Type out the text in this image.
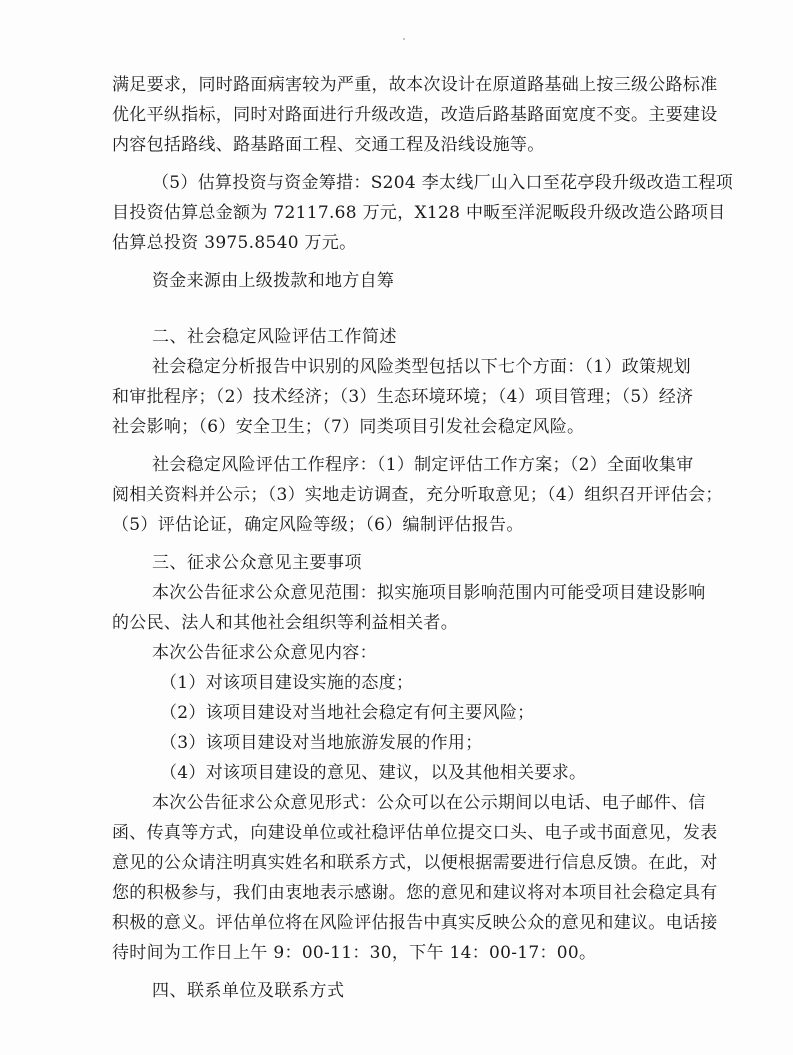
满足要求，同时路面病害较为严重，故本次设计在原道路基础上按三级公路标准
优化平纵指标，同时对路面进行升级改造，改造后路基路面宽度不变。主要建设
内容包括路线、路基路面工程、交通工程及沿线设施等。
（5）估算投资与资金筹措：S204 李太线厂山入口至花亭段升级改造工程项
目投资估算总金额为 72117.68 万元，X128 中畈至洋泥畈段升级改造公路项目
估算总投资 3975.8540 万元。
资金来源由上级拨款和地方自筹
二、社会稳定风险评估工作简述
社会稳定分析报告中识别的风险类型包括以下七个方面：（1）政策规划
和审批程序；（2）技术经济；（3）生态环境环境；（4）项目管理；（5）经济
社会影响；（6）安全卫生；（7）同类项目引发社会稳定风险。
社会稳定风险评估工作程序：（1）制定评估工作方案；（2）全面收集审
阅相关资料并公示；（3）实地走访调查，充分听取意见；（4）组织召开评估会；
（5）评估论证，确定风险等级；（6）编制评估报告。
三、征求公众意见主要事项
本次公告征求公众意见范围：拟实施项目影响范围内可能受项目建设影响
的公民、法人和其他社会组织等利益相关者。
本次公告征求公众意见内容：
（1）对该项目建设实施的态度；
（2）该项目建设对当地社会稳定有何主要风险；
（3）该项目建设对当地旅游发展的作用；
（4）对该项目建设的意见、建议，以及其他相关要求。
本次公告征求公众意见形式：公众可以在公示期间以电话、电子邮件、信
函、传真等方式，向建设单位或社稳评估单位提交口头、电子或书面意见，发表
意见的公众请注明真实姓名和联系方式，以便根据需要进行信息反馈。在此，对
您的积极参与，我们由衷地表示感谢。您的意见和建议将对本项目社会稳定具有
积极的意义。评估单位将在风险评估报告中真实反映公众的意见和建议。电话接
待时间为工作日上午 9：00-11：30，下午 14：00-17：00。
四、联系单位及联系方式
